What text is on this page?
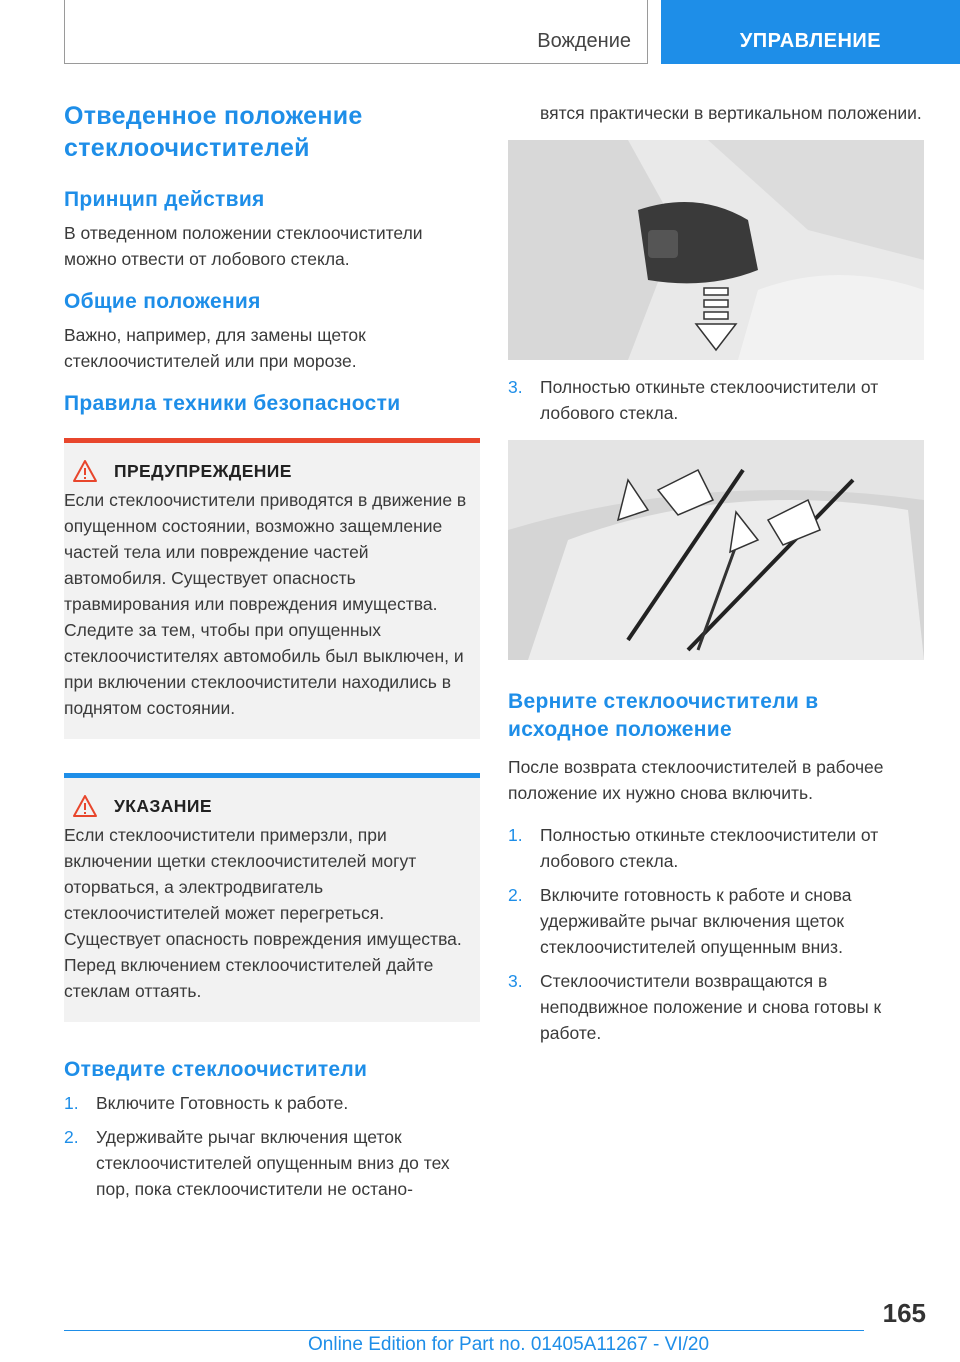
Вождение	УПРАВЛЕНИЕ
Отведенное положение стеклоочистителей
Принцип действия

В отведенном положении стеклоочистители можно отвести от лобового стекла.

Общие положения

Важно, например, для замены щеток стеклоочистителей или при морозе.

Правила техники безопасности
ПРЕДУПРЕЖДЕНИЕ

Если стеклоочистители приводятся в движение в опущенном состоянии, возможно защемление частей тела или повреждение частей автомобиля. Существует опасность травмирования или повреждения имущества. Следите за тем, чтобы при опущенных стеклоочистителях автомобиль был выключен, и при включении стеклоочистители находились в поднятом состоянии.

УКАЗАНИЕ

Если стеклоочистители примерзли, при включении щетки стеклоочистителей могут оторваться, а электродвигатель стеклоочистителей может перегреться. Существует опасность повреждения имущества. Перед включением стеклоочистителей дайте стеклам оттаять.

Отведите стеклоочистители
1. Включите Готовность к работе.
2. Удерживайте рычаг включения щеток стеклоочистителей опущенным вниз до тех пор, пока стеклоочистители не остано-

вятся практически в вертикальном положении.

3. Полностью откиньте стеклоочистители от лобового стекла.
Верните стеклоочистители в исходное положение

После возврата стеклоочистителей в рабочее положение их нужно снова включить.

1. Полностью откиньте стеклоочистители от лобового стекла.
2. Включите готовность к работе и снова удерживайте рычаг включения щеток стеклоочистителей опущенным вниз.
3. Стеклоочистители возвращаются в неподвижное положение и снова готовы к работе.
165
Online Edition for Part no. 01405A11267 - VI/20
